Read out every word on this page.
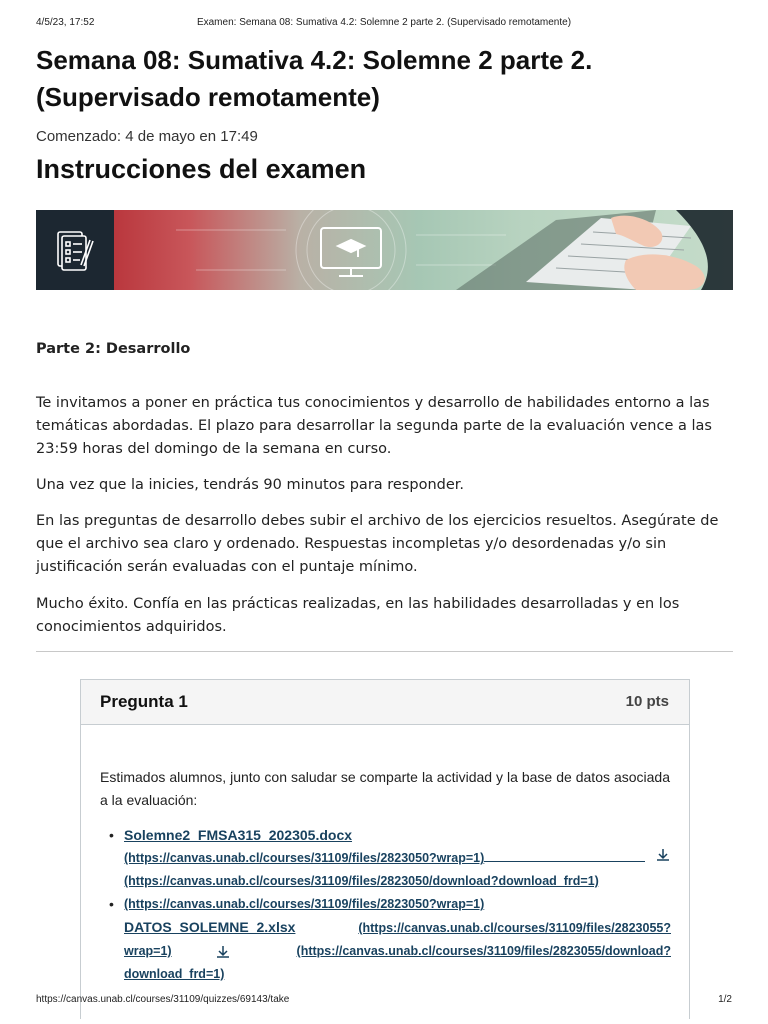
4/5/23, 17:52	Examen: Semana 08: Sumativa 4.2: Solemne 2 parte 2. (Supervisado remotamente)
Semana 08: Sumativa 4.2: Solemne 2 parte 2. (Supervisado remotamente)
Comenzado: 4 de mayo en 17:49
Instrucciones del examen
Parte 2: Desarrollo

Te invitamos a poner en práctica tus conocimientos y desarrollo de habilidades entorno a las temáticas abordadas. El plazo para desarrollar la segunda parte de la evaluación vence a las 23:59 horas del domingo de la semana en curso.

Una vez que la inicies, tendrás 90 minutos para responder.

En las preguntas de desarrollo debes subir el archivo de los ejercicios resueltos. Asegúrate de que el archivo sea claro y ordenado. Respuestas incompletas y/o desordenadas y/o sin justificación serán evaluadas con el puntaje mínimo.

Mucho éxito. Confía en las prácticas realizadas, en las habilidades desarrolladas y en los conocimientos adquiridos.

Pregunta 1	10 pts

Estimados alumnos, junto con saludar se comparte la actividad y la base de datos asociada a la evaluación:

• Solemne2_FMSA315_202305.docx
(https://canvas.unab.cl/courses/31109/files/2823050?wrap=1)
(https://canvas.unab.cl/courses/31109/files/2823050/download?download_frd=1)
• (https://canvas.unab.cl/courses/31109/files/2823050?wrap=1)
DATOS_SOLEMNE_2.xlsx	(https://canvas.unab.cl/courses/31109/files/2823055?
wrap=1)	(https://canvas.unab.cl/courses/31109/files/2823055/download?
download_frd=1)
https://canvas.unab.cl/courses/31109/quizzes/69143/take	1/2
